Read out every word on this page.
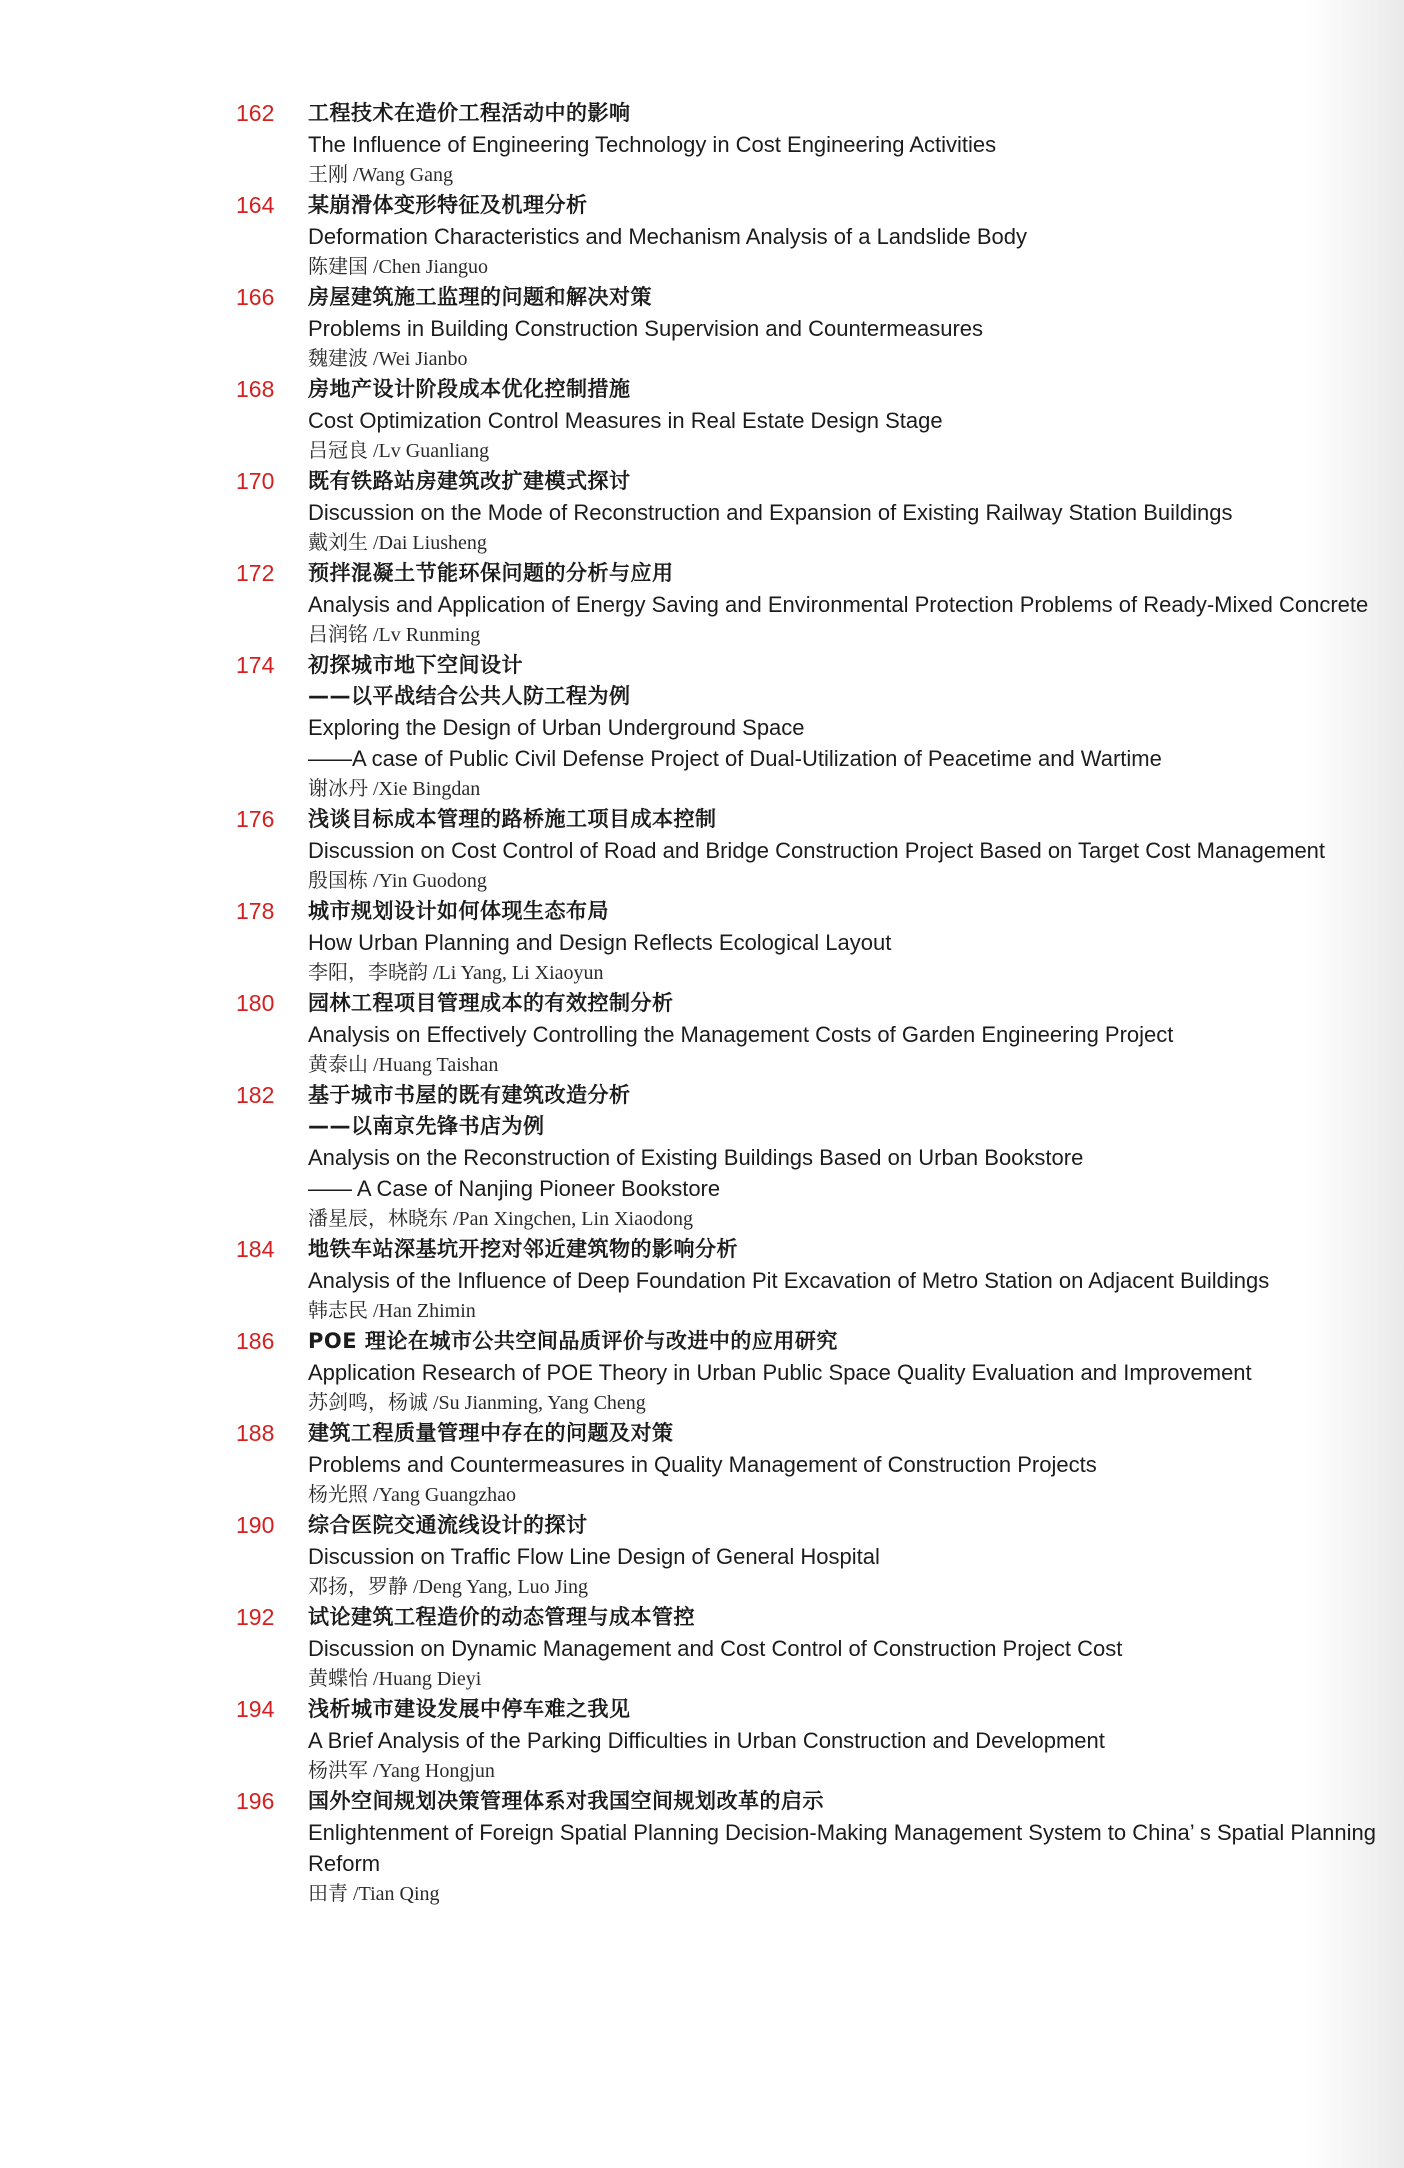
162	工程技术在造价工程活动中的影响
The Influence of Engineering Technology in Cost Engineering Activities
王刚 /Wang Gang
164	某崩滑体变形特征及机理分析
Deformation Characteristics and Mechanism Analysis of a Landslide Body
陈建国 /Chen Jianguo
166	房屋建筑施工监理的问题和解决对策
Problems in Building Construction Supervision and Countermeasures
魏建波 /Wei Jianbo
168	房地产设计阶段成本优化控制措施
Cost Optimization Control Measures in Real Estate Design Stage
吕冠良 /Lv Guanliang
170	既有铁路站房建筑改扩建模式探讨
Discussion on the Mode of Reconstruction and Expansion of Existing Railway Station Buildings
戴刘生 /Dai Liusheng
172	预拌混凝土节能环保问题的分析与应用
Analysis and Application of Energy Saving and Environmental Protection Problems of Ready-Mixed Concrete
吕润铭 /Lv Runming
174	初探城市地下空间设计
——以平战结合公共人防工程为例
Exploring the Design of Urban Underground Space
——A case of Public Civil Defense Project of Dual-Utilization of Peacetime and Wartime
谢冰丹 /Xie Bingdan
176	浅谈目标成本管理的路桥施工项目成本控制
Discussion on Cost Control of Road and Bridge Construction Project Based on Target Cost Management
殷国栋 /Yin Guodong
178	城市规划设计如何体现生态布局
How Urban Planning and Design Reflects Ecological Layout
李阳，李晓韵 /Li Yang, Li Xiaoyun
180	园林工程项目管理成本的有效控制分析
Analysis on Effectively Controlling the Management Costs of Garden Engineering Project
黄泰山 /Huang Taishan
182	基于城市书屋的既有建筑改造分析
——以南京先锋书店为例
Analysis on the Reconstruction of Existing Buildings Based on Urban Bookstore
—— A Case of Nanjing Pioneer Bookstore
潘星辰，林晓东 /Pan Xingchen, Lin Xiaodong
184	地铁车站深基坑开挖对邻近建筑物的影响分析
Analysis of the Influence of Deep Foundation Pit Excavation of Metro Station on Adjacent Buildings
韩志民 /Han Zhimin
186	POE 理论在城市公共空间品质评价与改进中的应用研究
Application Research of POE Theory in Urban Public Space Quality Evaluation and Improvement
苏剑鸣，杨诚 /Su Jianming, Yang Cheng
188	建筑工程质量管理中存在的问题及对策
Problems and Countermeasures in Quality Management of Construction Projects
杨光照 /Yang Guangzhao
190	综合医院交通流线设计的探讨
Discussion on Traffic Flow Line Design of General Hospital
邓扬，罗静 /Deng Yang, Luo Jing
192	试论建筑工程造价的动态管理与成本管控
Discussion on Dynamic Management and Cost Control of Construction Project Cost
黄蝶怡 /Huang Dieyi
194	浅析城市建设发展中停车难之我见
A Brief Analysis of the Parking Difficulties in Urban Construction and Development
杨洪军 /Yang Hongjun
196	国外空间规划决策管理体系对我国空间规划改革的启示
Enlightenment of Foreign Spatial Planning Decision-Making Management System to China’ s Spatial Planning Reform
田青 /Tian Qing
